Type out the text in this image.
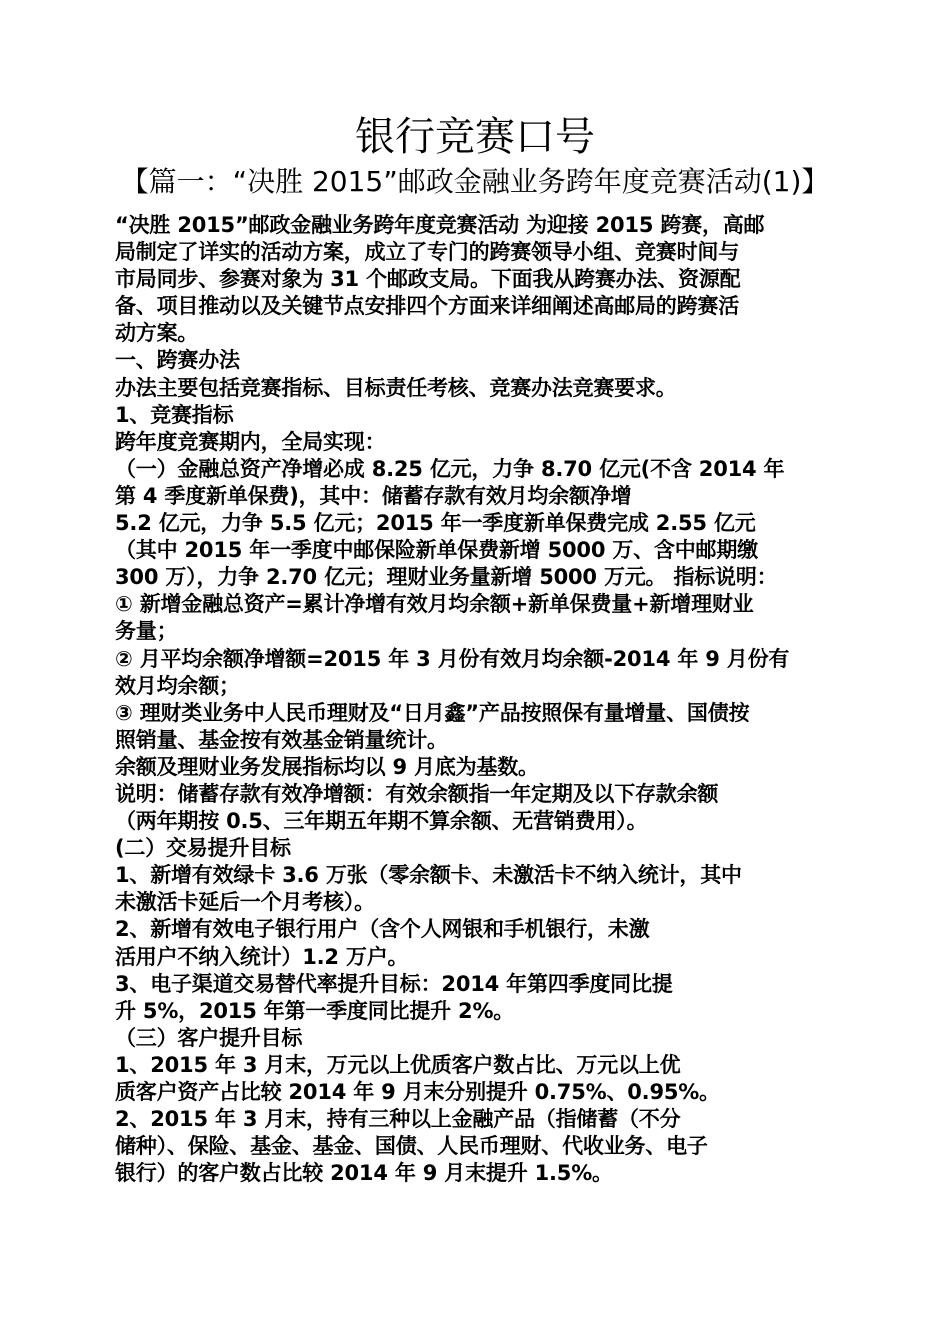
银行竞赛口号
【篇一：“决胜 2015”邮政金融业务跨年度竞赛活动(1)】
“决胜 2015”邮政金融业务跨年度竞赛活动 为迎接 2015 跨赛，高邮
局制定了详实的活动方案，成立了专门的跨赛领导小组、竞赛时间与
市局同步、参赛对象为 31 个邮政支局。下面我从跨赛办法、资源配
备、项目推动以及关键节点安排四个方面来详细阐述高邮局的跨赛活
动方案。
一、跨赛办法
办法主要包括竞赛指标、目标责任考核、竞赛办法竞赛要求。
1、竞赛指标
跨年度竞赛期内，全局实现：
（一）金融总资产净增必成 8.25 亿元，力争 8.70 亿元(不含 2014 年
第 4 季度新单保费)，其中：储蓄存款有效月均余额净增
5.2 亿元，力争 5.5 亿元；2015 年一季度新单保费完成 2.55 亿元
（其中 2015 年一季度中邮保险新单保费新增 5000 万、含中邮期缴
300 万），力争 2.70 亿元；理财业务量新增 5000 万元。 指标说明：
① 新增金融总资产=累计净增有效月均余额+新单保费量+新增理财业
务量；
② 月平均余额净增额=2015 年 3 月份有效月均余额-2014 年 9 月份有
效月均余额；
③ 理财类业务中人民币理财及“日月鑫”产品按照保有量增量、国债按
照销量、基金按有效基金销量统计。
余额及理财业务发展指标均以 9 月底为基数。
说明：储蓄存款有效净增额：有效余额指一年定期及以下存款余额
（两年期按 0.5、三年期五年期不算余额、无营销费用）。
(二）交易提升目标
1、新增有效绿卡 3.6 万张（零余额卡、未激活卡不纳入统计，其中
未激活卡延后一个月考核）。
2、新增有效电子银行用户（含个人网银和手机银行，未激
活用户不纳入统计）1.2 万户。
3、电子渠道交易替代率提升目标：2014 年第四季度同比提
升 5%，2015 年第一季度同比提升 2%。
（三）客户提升目标
1、2015 年 3 月末，万元以上优质客户数占比、万元以上优
质客户资产占比较 2014 年 9 月末分别提升 0.75%、0.95%。
2、2015 年 3 月末，持有三种以上金融产品（指储蓄（不分
储种）、保险、基金、基金、国债、人民币理财、代收业务、电子
银行）的客户数占比较 2014 年 9 月末提升 1.5%。
